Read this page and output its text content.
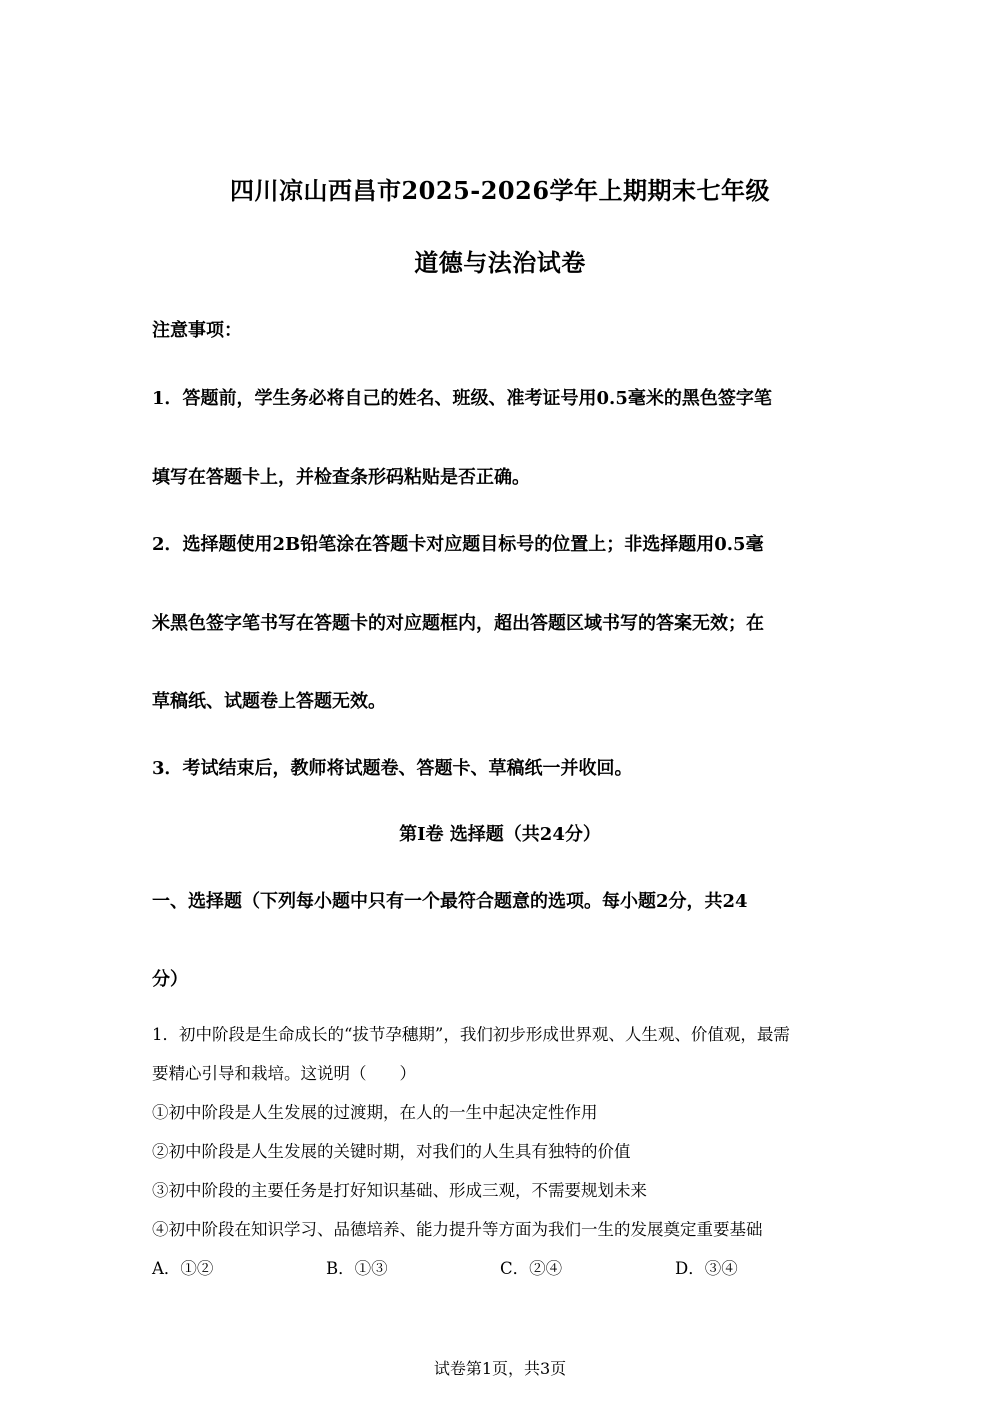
四川凉山西昌市2025-2026学年上期期末七年级
道德与法治试卷
注意事项：
1．答题前，学生务必将自己的姓名、班级、准考证号用0.5毫米的黑色签字笔
填写在答题卡上，并检查条形码粘贴是否正确。
2．选择题使用2B铅笔涂在答题卡对应题目标号的位置上；非选择题用0.5毫
米黑色签字笔书写在答题卡的对应题框内，超出答题区域书写的答案无效；在
草稿纸、试题卷上答题无效。
3．考试结束后，教师将试题卷、答题卡、草稿纸一并收回。
第I卷 选择题（共24分）
一、选择题（下列每小题中只有一个最符合题意的选项。每小题2分，共24
分）
1．初中阶段是生命成长的“拔节孕穗期”，我们初步形成世界观、人生观、价值观，最需
要精心引导和栽培。这说明（　　）
①初中阶段是人生发展的过渡期，在人的一生中起决定性作用
②初中阶段是人生发展的关键时期，对我们的人生具有独特的价值
③初中阶段的主要任务是打好知识基础、形成三观，不需要规划未来
④初中阶段在知识学习、品德培养、能力提升等方面为我们一生的发展奠定重要基础
A．①②	B．①③	C．②④	D．③④
试卷第1页，共3页
